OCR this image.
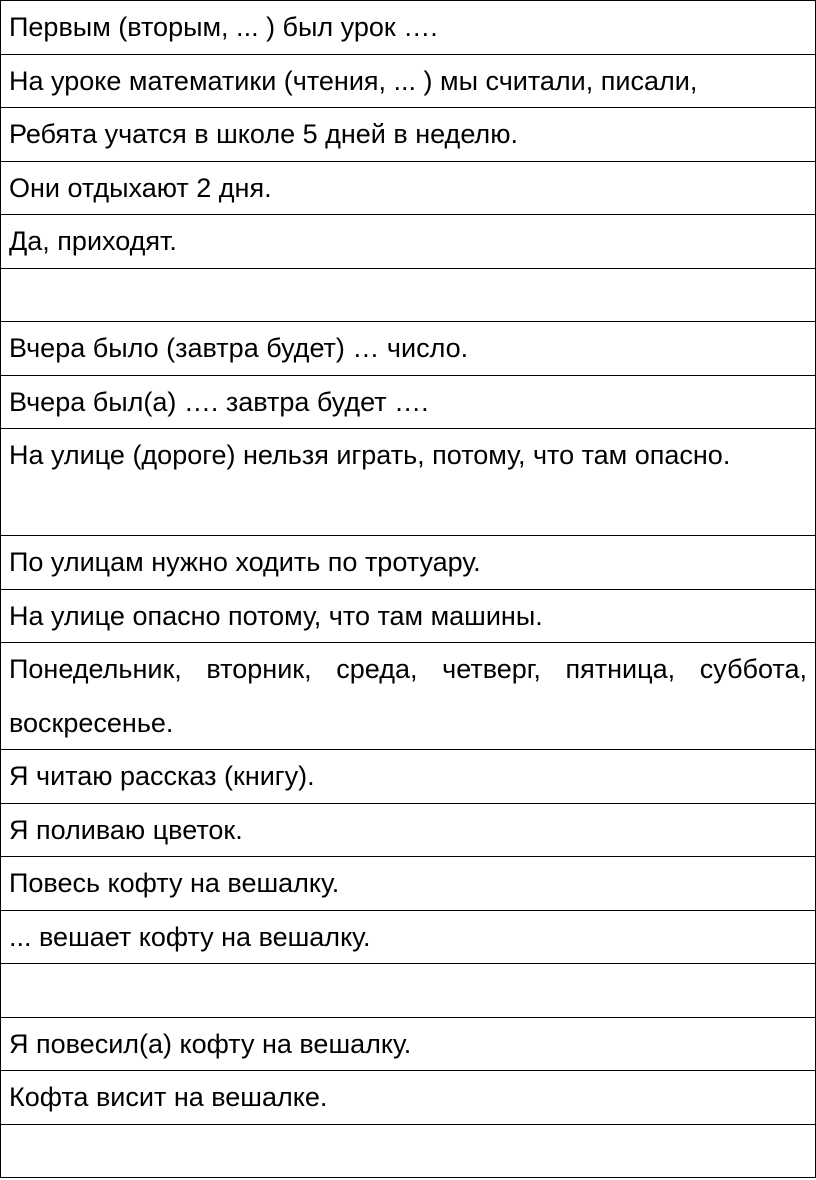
Первым (вторым, ... ) был урок ….
На уроке математики (чтения, ... ) мы считали, писали,
Ребята учатся в школе 5 дней в неделю.
Они отдыхают 2 дня.
Да, приходят.
Вчера было (завтра будет) … число.
Вчера был(а) …. завтра будет ….
На улице (дороге) нельзя играть, потому, что там опасно.
По улицам нужно ходить по тротуару.
На улице опасно потому, что там машины.
Понедельник, вторник, среда, четверг, пятница, суббота, воскресенье.
Я читаю рассказ (книгу).
Я поливаю цветок.
Повесь кофту на вешалку.
... вешает кофту на вешалку.
Я повесил(а) кофту на вешалку.
Кофта висит на вешалке.
